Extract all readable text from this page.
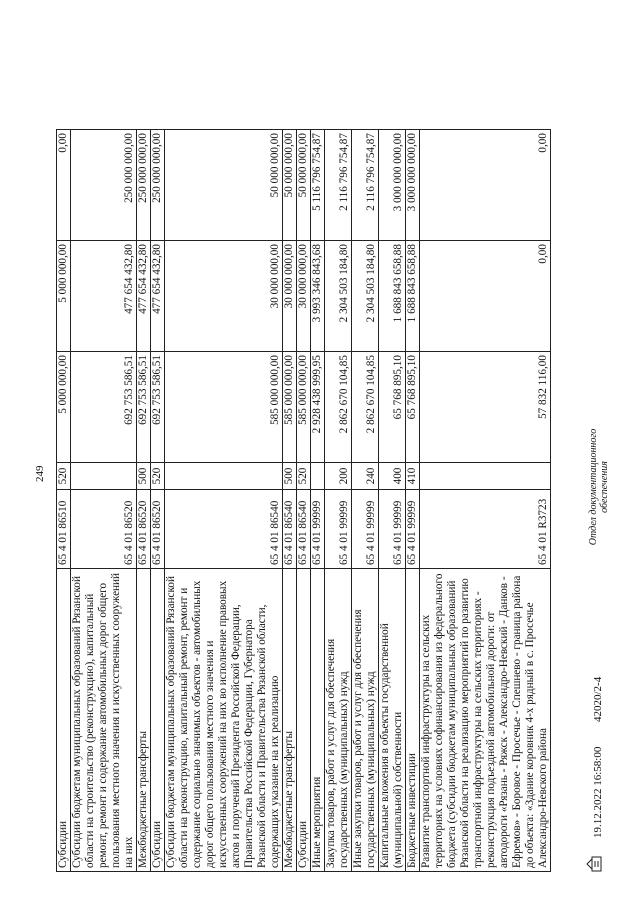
249
Субсидии	65 4 01 86510	520	5 000 000,00	5 000 000,00	0,00
Субсидии бюджетам муниципальных образований Рязанской области на строительство (реконструкцию), капитальный ремонт, ремонт и содержание автомобильных дорог общего пользования местного значения и искусственных сооружений на них	65 4 01 86520		692 753 586,51	477 654 432,80	250 000 000,00
Межбюджетные трансферты	65 4 01 86520	500	692 753 586,51	477 654 432,80	250 000 000,00
Субсидии	65 4 01 86520	520	692 753 586,51	477 654 432,80	250 000 000,00
Субсидии бюджетам муниципальных образований Рязанской области на реконструкцию, капитальный ремонт, ремонт и содержание социально значимых объектов - автомобильных дорог общего пользования местного значения и искусственных сооружений на них во исполнение правовых актов и поручений Президента Российской Федерации, Правительства Российской Федерации, Губернатора Рязанской области и Правительства Рязанской области, содержащих указание на их реализацию	65 4 01 86540		585 000 000,00	30 000 000,00	50 000 000,00
Межбюджетные трансферты	65 4 01 86540	500	585 000 000,00	30 000 000,00	50 000 000,00
Субсидии	65 4 01 86540	520	585 000 000,00	30 000 000,00	50 000 000,00
Иные мероприятия	65 4 01 99999		2 928 438 999,95	3 993 346 843,68	5 116 796 754,87
Закупка товаров, работ и услуг для обеспечения государственных (муниципальных) нужд	65 4 01 99999	200	2 862 670 104,85	2 304 503 184,80	2 116 796 754,87
Иные закупки товаров, работ и услуг для обеспечения государственных (муниципальных) нужд	65 4 01 99999	240	2 862 670 104,85	2 304 503 184,80	2 116 796 754,87
Капитальные вложения в объекты государственной (муниципальной) собственности	65 4 01 99999	400	65 768 895,10	1 688 843 658,88	3 000 000 000,00
Бюджетные инвестиции	65 4 01 99999	410	65 768 895,10	1 688 843 658,88	3 000 000 000,00
Развитие транспортной инфраструктуры на сельских территориях на условиях софинансирования из федерального бюджета (субсидии бюджетам муниципальных образований Рязанской области на реализацию мероприятий по развитию транспортной инфраструктуры на сельских территориях - реконструкция подъездной автомобильной дороги: от автодороги «Рязань - Ряжск - Александро-Невский - Данков - Ефремов» - Боровое - Просечье - Спешнево - граница района до объекта: «Здание коровник 4-х рядный в с. Просечье Александро-Невского района	65 4 01 R3723		57 832 116,00	0,00	0,00
19.12.2022 16:58:00
42020/2-4
Отдел документационного обеспечения
